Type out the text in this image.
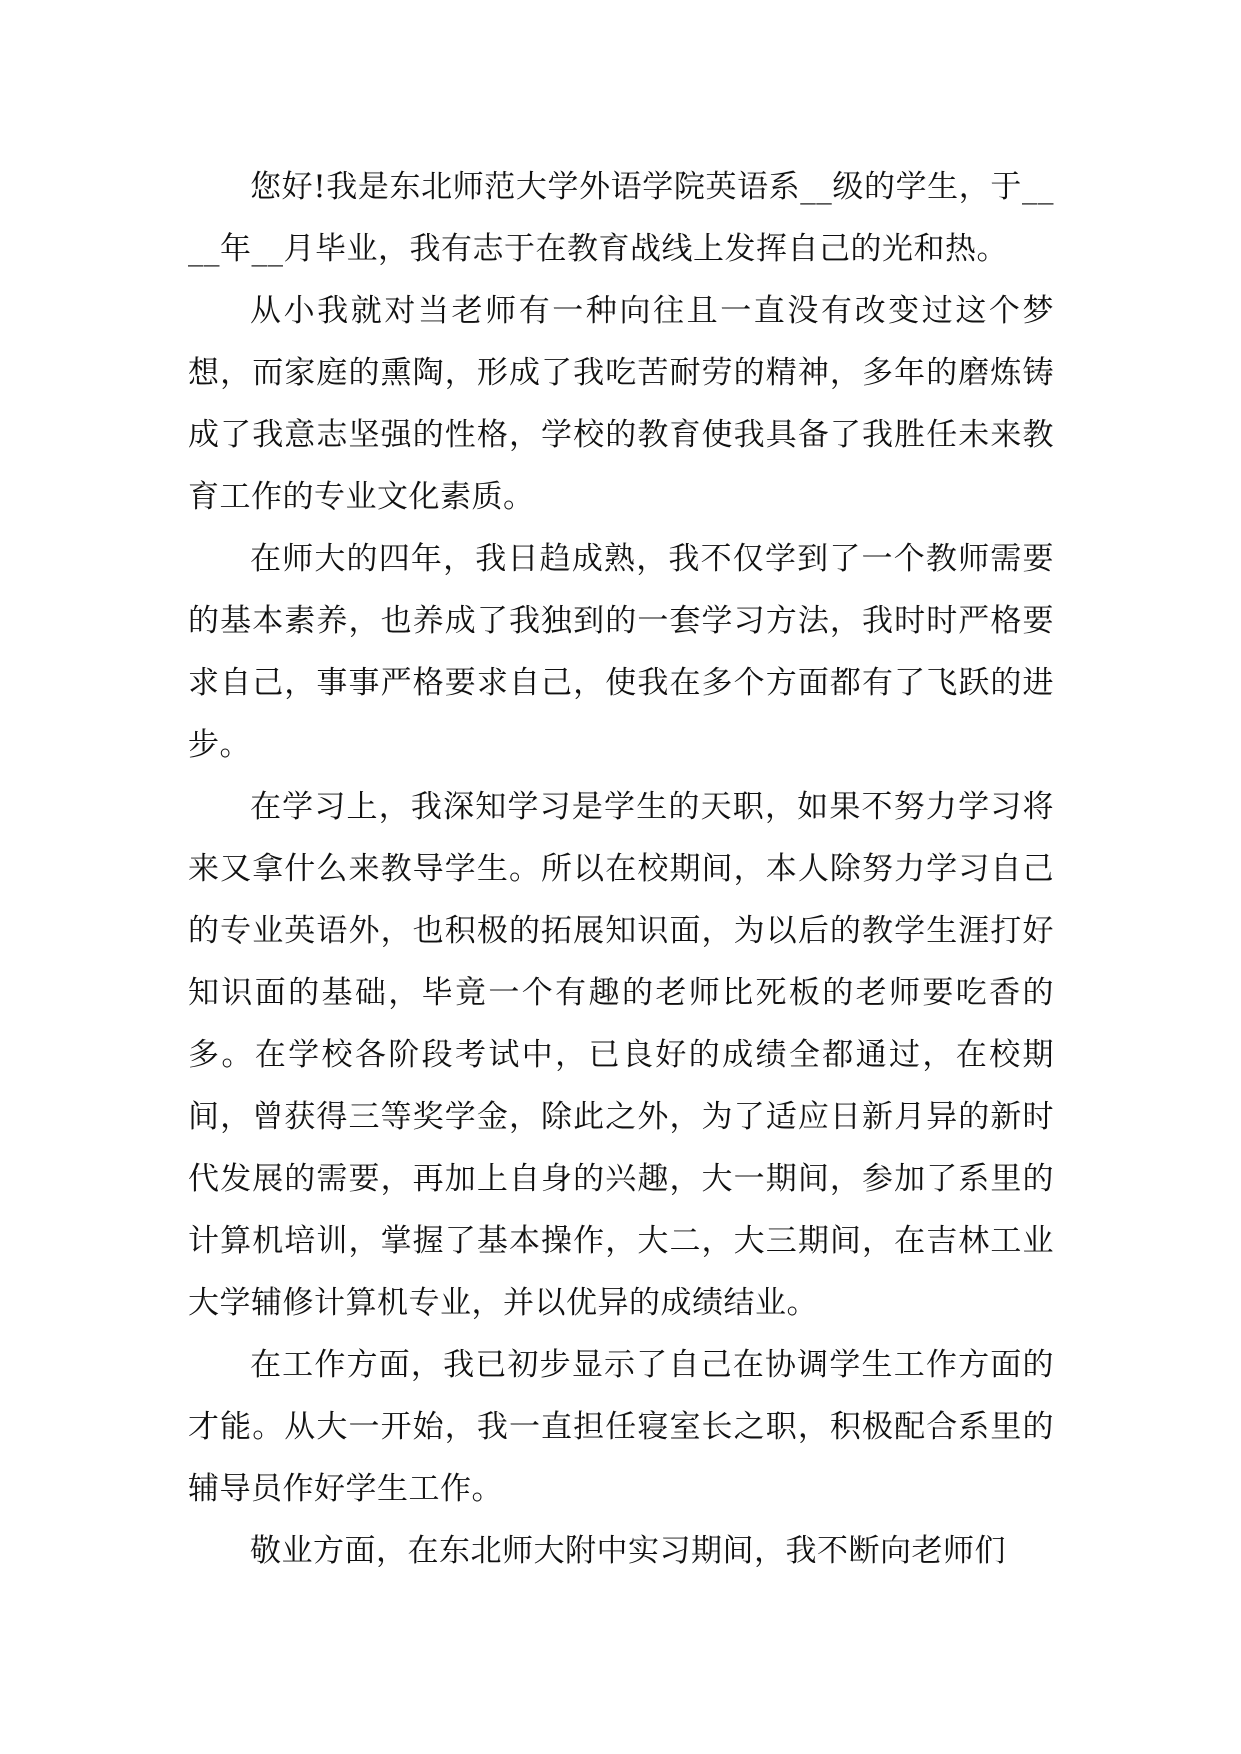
您好!我是东北师范大学外语学院英语系__级的学生，于____年__月毕业，我有志于在教育战线上发挥自己的光和热。

从小我就对当老师有一种向往且一直没有改变过这个梦想，而家庭的熏陶，形成了我吃苦耐劳的精神，多年的磨炼铸成了我意志坚强的性格，学校的教育使我具备了我胜任未来教育工作的专业文化素质。

在师大的四年，我日趋成熟，我不仅学到了一个教师需要的基本素养，也养成了我独到的一套学习方法，我时时严格要求自己，事事严格要求自己，使我在多个方面都有了飞跃的进步。

在学习上，我深知学习是学生的天职，如果不努力学习将来又拿什么来教导学生。所以在校期间，本人除努力学习自己的专业英语外，也积极的拓展知识面，为以后的教学生涯打好知识面的基础，毕竟一个有趣的老师比死板的老师要吃香的多。在学校各阶段考试中，已良好的成绩全都通过，在校期间，曾获得三等奖学金，除此之外，为了适应日新月异的新时代发展的需要，再加上自身的兴趣，大一期间，参加了系里的计算机培训，掌握了基本操作，大二，大三期间，在吉林工业大学辅修计算机专业，并以优异的成绩结业。

在工作方面，我已初步显示了自己在协调学生工作方面的才能。从大一开始，我一直担任寝室长之职，积极配合系里的辅导员作好学生工作。

敬业方面，在东北师大附中实习期间，我不断向老师们
